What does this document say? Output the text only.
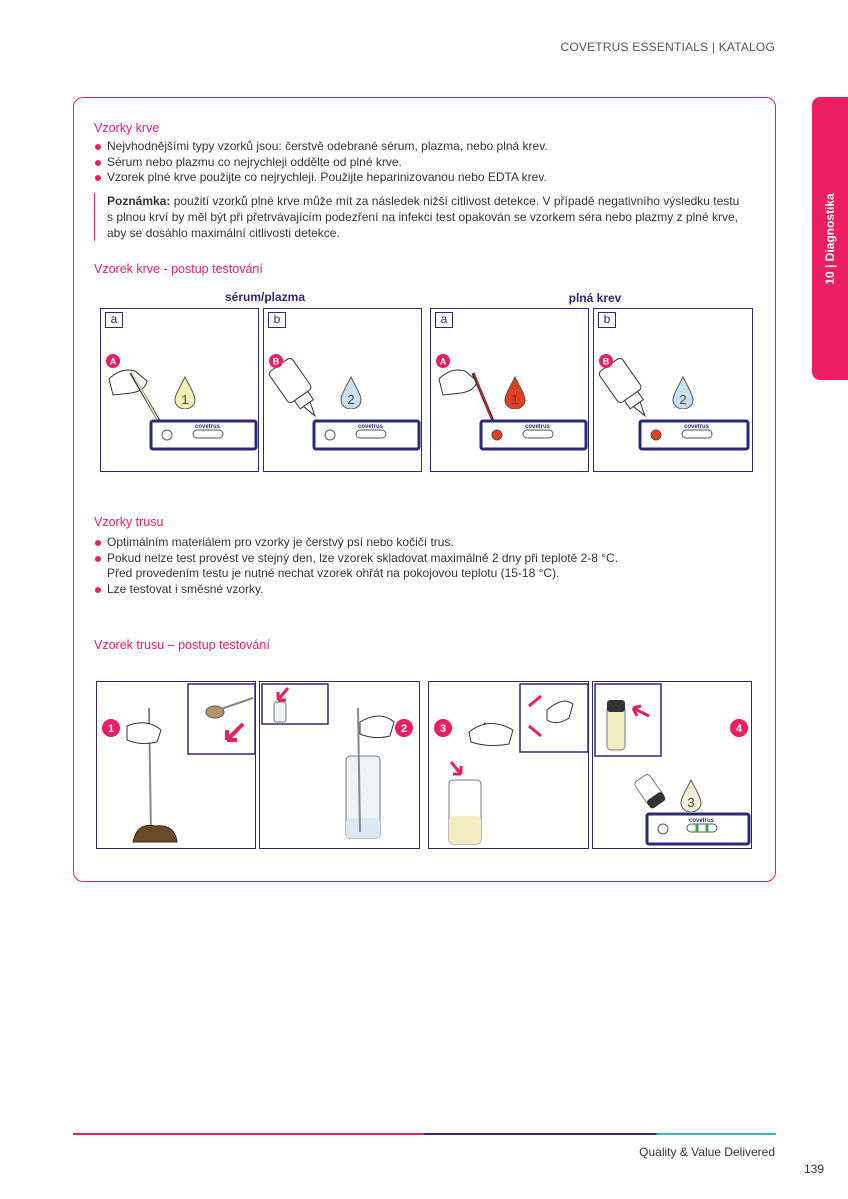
COVETRUS ESSENTIALS | KATALOG
10 | Diagnostika
Vzorky krve
Nejvhodnějšími typy vzorků jsou: čerstvě odebrané sérum, plazma, nebo plná krev.
Sérum nebo plazmu co nejrychleji oddělte od plné krve.
Vzorek plné krve použijte co nejrychleji. Použijte heparinizovanou nebo EDTA krev.
Poznámka: použití vzorků plné krve může mít za následek nižší citlivost detekce. V případě negativního výsledku testu s plnou krví by měl být při přetrvávajícím podezření na infekci test opakován se vzorkem séra nebo plazmy z plné krve, aby se dosáhlo maximální citlivosti detekce.
Vzorek krve - postup testování
sérum/plazma	plná krev
a
covetrus
A
1
b
covetrus
B
2
a
covetrus
A
1
b
covetrus
B
2
Vzorky trusu
Optimálním materiálem pro vzorky je čerstvý psí nebo kočičí trus.
Pokud nelze test provést ve stejný den, lze vzorek skladovat maximálně 2 dny při teplotě 2-8 °C.
Před provedením testu je nutné nechat vzorek ohřát na pokojovou teplotu (15-18 °C).
Lze testovat i směsné vzorky.
Vzorek trusu – postup testování
1	2	3
covetrus
4
3
Quality & Value Delivered
139
